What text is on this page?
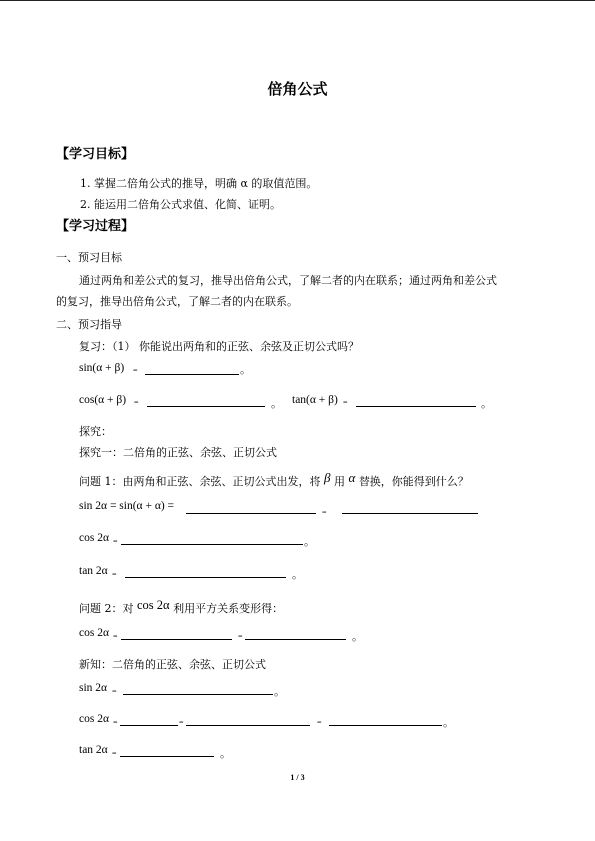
倍角公式
【学习目标】
1. 掌握二倍角公式的推导，明确 α 的取值范围。
2. 能运用二倍角公式求值、化简、证明。
【学习过程】
一、预习目标
通过两角和差公式的复习，推导出倍角公式，了解二者的内在联系；通过两角和差公式
的复习，推导出倍角公式，了解二者的内在联系。
二、预习指导
复习：（1） 你能说出两角和的正弦、余弦及正切公式吗？
sin(α + β) =	。
cos(α + β) =	。 tan(α + β) =	。
探究：
探究一：二倍角的正弦、余弦、正切公式
问题 1：由两角和正弦、余弦、正切公式出发，将 β 用 α 替换，你能得到什么？
sin 2α = sin(α + α) =
=
cos 2α =	。
tan 2α =	。
问题 2：对 cos 2α 利用平方关系变形得：
cos 2α =	=	。
新知：二倍角的正弦、余弦、正切公式
sin 2α =	。
cos 2α =	=	=	。
tan 2α =	。
1 / 3
